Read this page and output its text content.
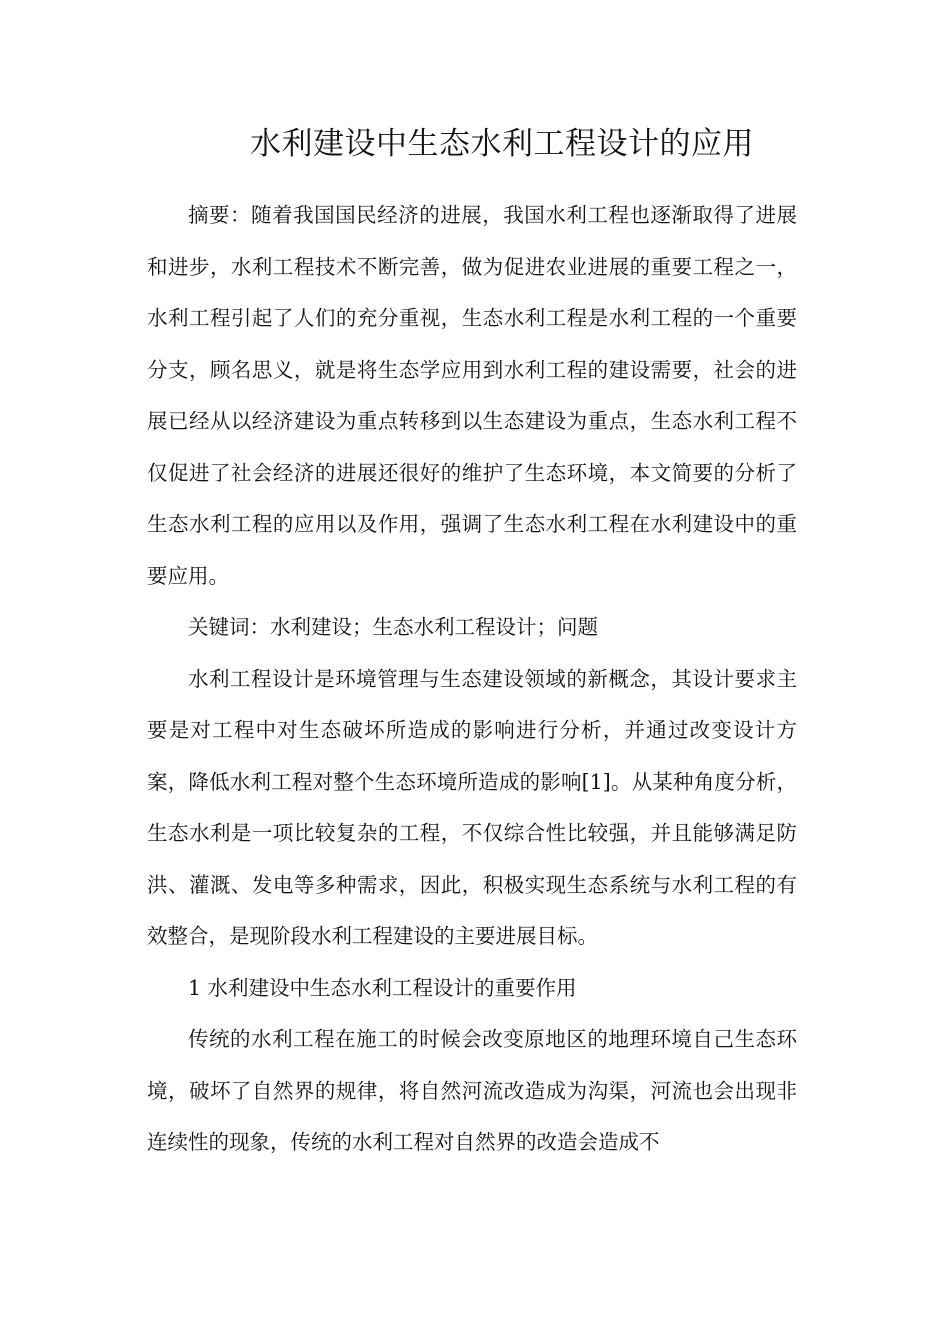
水利建设中生态水利工程设计的应用

摘要：随着我国国民经济的进展，我国水利工程也逐渐取得了进展和进步，水利工程技术不断完善，做为促进农业进展的重要工程之一，水利工程引起了人们的充分重视，生态水利工程是水利工程的一个重要分支，顾名思义，就是将生态学应用到水利工程的建设需要，社会的进展已经从以经济建设为重点转移到以生态建设为重点，生态水利工程不仅促进了社会经济的进展还很好的维护了生态环境，本文简要的分析了生态水利工程的应用以及作用，强调了生态水利工程在水利建设中的重要应用。

关键词：水利建设；生态水利工程设计；问题

水利工程设计是环境管理与生态建设领域的新概念，其设计要求主要是对工程中对生态破坏所造成的影响进行分析，并通过改变设计方案，降低水利工程对整个生态环境所造成的影响[1]。从某种角度分析，生态水利是一项比较复杂的工程，不仅综合性比较强，并且能够满足防洪、灌溉、发电等多种需求，因此，积极实现生态系统与水利工程的有效整合，是现阶段水利工程建设的主要进展目标。

1 水利建设中生态水利工程设计的重要作用

传统的水利工程在施工的时候会改变原地区的地理环境自己生态环境，破坏了自然界的规律，将自然河流改造成为沟渠，河流也会出现非连续性的现象，传统的水利工程对自然界的改造会造成不
